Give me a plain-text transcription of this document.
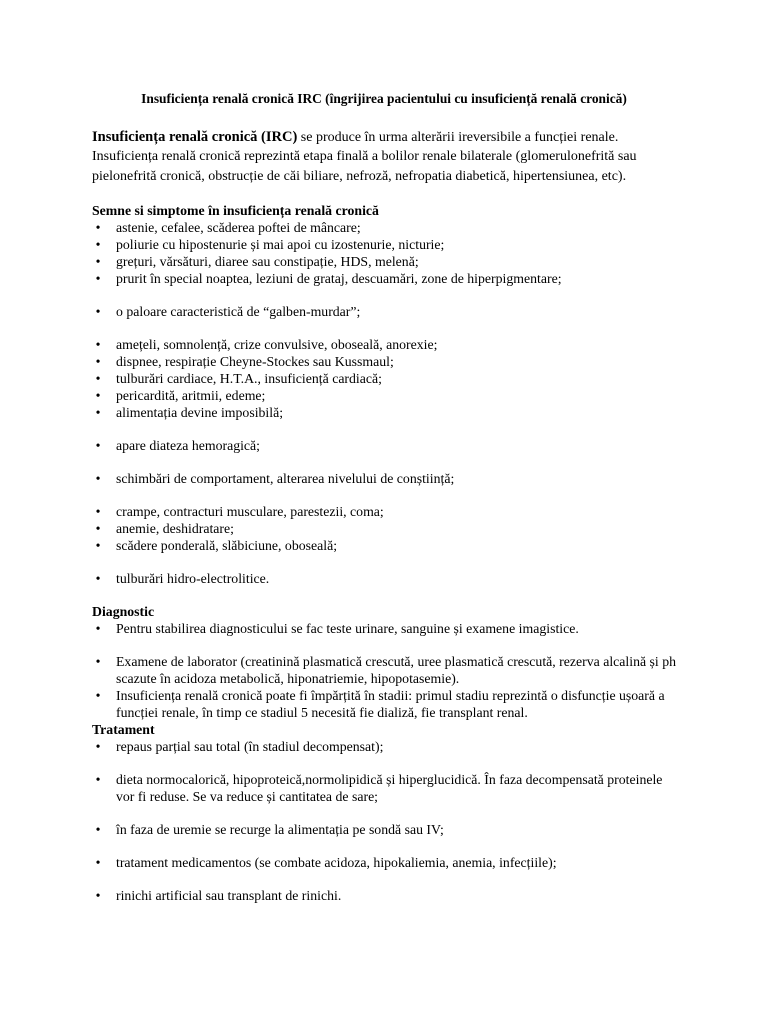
Insuficiența renală cronică IRC (îngrijirea pacientului cu insuficiență renală cronică)

Insuficiența renală cronică (IRC) se produce în urma alterării ireversibile a funcției renale. Insuficiența renală cronică reprezintă etapa finală a bolilor renale bilaterale (glomerulonefrită sau pielonefrită cronică, obstrucție de căi biliare, nefroză, nefropatia diabetică, hipertensiunea, etc).

Semne si simptome în insuficiența renală cronică
• astenie, cefalee, scăderea poftei de mâncare;
• poliurie cu hipostenurie și mai apoi cu izostenurie, nicturie;
• grețuri, vărsături, diaree sau constipație, HDS, melenă;
• prurit în special noaptea, leziuni de grataj, descuamări, zone de hiperpigmentare;
• o paloare caracteristică de “galben-murdar”;
• amețeli, somnolență, crize convulsive, oboseală, anorexie;
• dispnee, respirație Cheyne-Stockes sau Kussmaul;
• tulburări cardiace, H.T.A., insuficiență cardiacă;
• pericardită, aritmii, edeme;
• alimentația devine imposibilă;
• apare diateza hemoragică;
• schimbări de comportament, alterarea nivelului de conștiință;
• crampe, contracturi musculare, parestezii, coma;
• anemie, deshidratare;
• scădere ponderală, slăbiciune, oboseală;
• tulburări hidro-electrolitice.
Diagnostic
• Pentru stabilirea diagnosticului se fac teste urinare, sanguine și examene imagistice.
• Examene de laborator (creatinină plasmatică crescută, uree plasmatică crescută, rezerva alcalină și ph scazute în acidoza metabolică, hiponatriemie, hipopotasemie).
• Insuficiența renală cronică poate fi împărțită în stadii: primul stadiu reprezintă o disfuncție ușoară a funcției renale, în timp ce stadiul 5 necesită fie dializă, fie transplant renal.
Tratament
• repaus parțial sau total (în stadiul decompensat);
• dieta normocalorică, hipoproteică,normolipidică și hiperglucidică. În faza decompensată proteinele vor fi reduse. Se va reduce și cantitatea de sare;
• în faza de uremie se recurge la alimentația pe sondă sau IV;
• tratament medicamentos (se combate acidoza, hipokaliemia, anemia, infecțiile);
• rinichi artificial sau transplant de rinichi.
